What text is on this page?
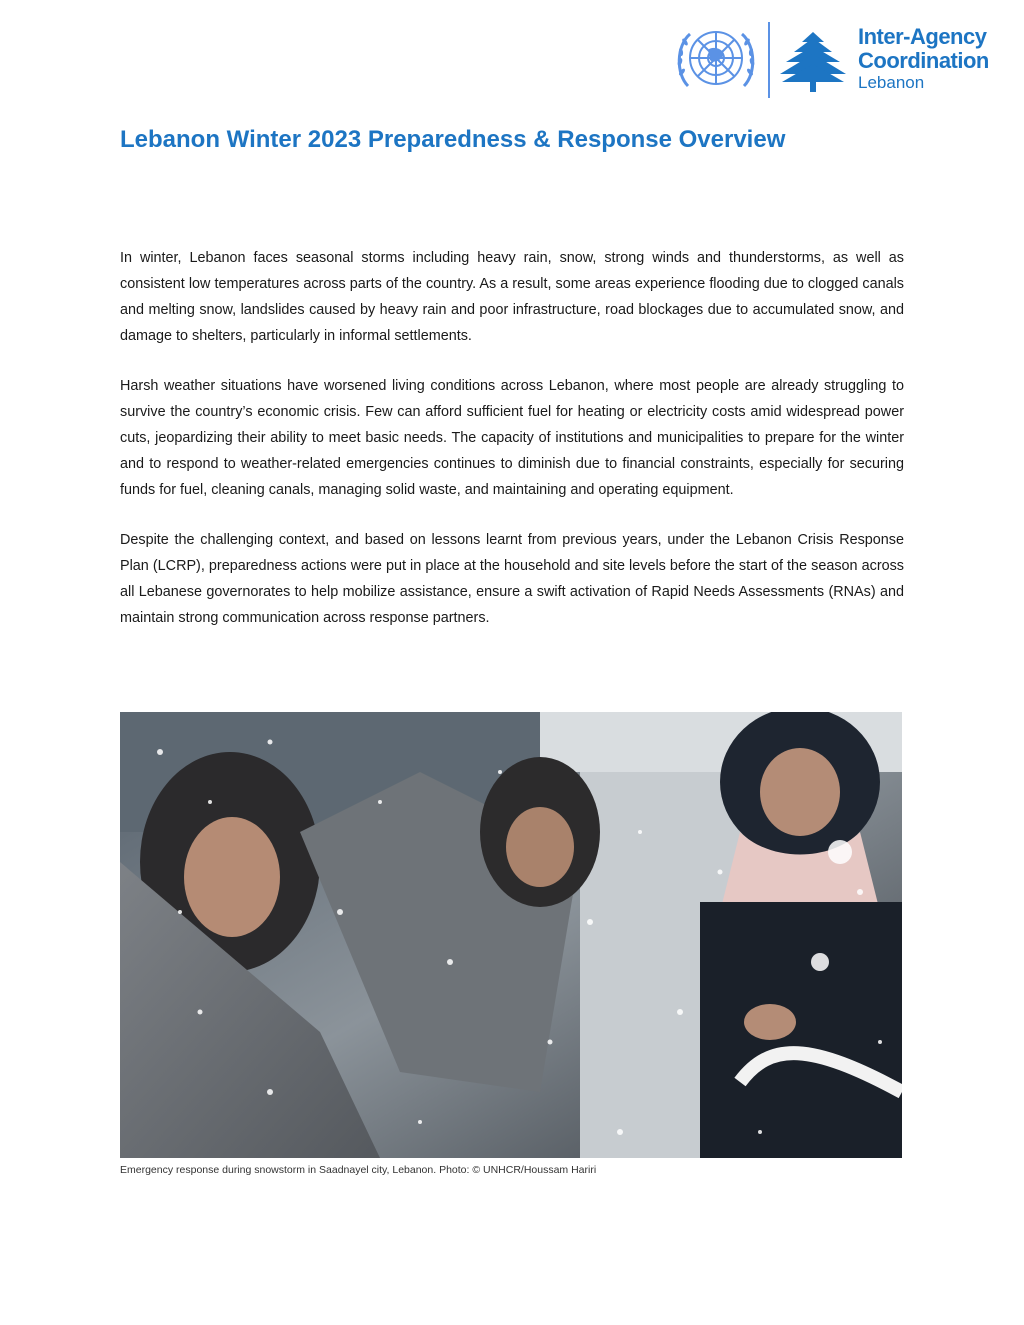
Inter-Agency
Coordination
Lebanon
Lebanon Winter 2023 Preparedness & Response Overview

In winter, Lebanon faces seasonal storms including heavy rain, snow, strong winds and thunderstorms, as well as consistent low temperatures across parts of the country. As a result, some areas experience flooding due to clogged canals and melting snow, landslides caused by heavy rain and poor infrastructure, road blockages due to accumulated snow, and damage to shelters, particularly in informal settlements.

Harsh weather situations have worsened living conditions across Lebanon, where most people are already struggling to survive the country’s economic crisis. Few can afford sufficient fuel for heating or electricity costs amid widespread power cuts, jeopardizing their ability to meet basic needs. The capacity of institutions and municipalities to prepare for the winter and to respond to weather-related emergencies continues to diminish due to financial constraints, especially for securing funds for fuel, cleaning canals, managing solid waste, and maintaining and operating equipment.

Despite the challenging context, and based on lessons learnt from previous years, under the Lebanon Crisis Response Plan (LCRP), preparedness actions were put in place at the household and site levels before the start of the season across all Lebanese governorates to help mobilize assistance, ensure a swift activation of Rapid Needs Assessments (RNAs) and maintain strong communication across response partners.

Emergency response during snowstorm in Saadnayel city, Lebanon. Photo: © UNHCR/Houssam Hariri
